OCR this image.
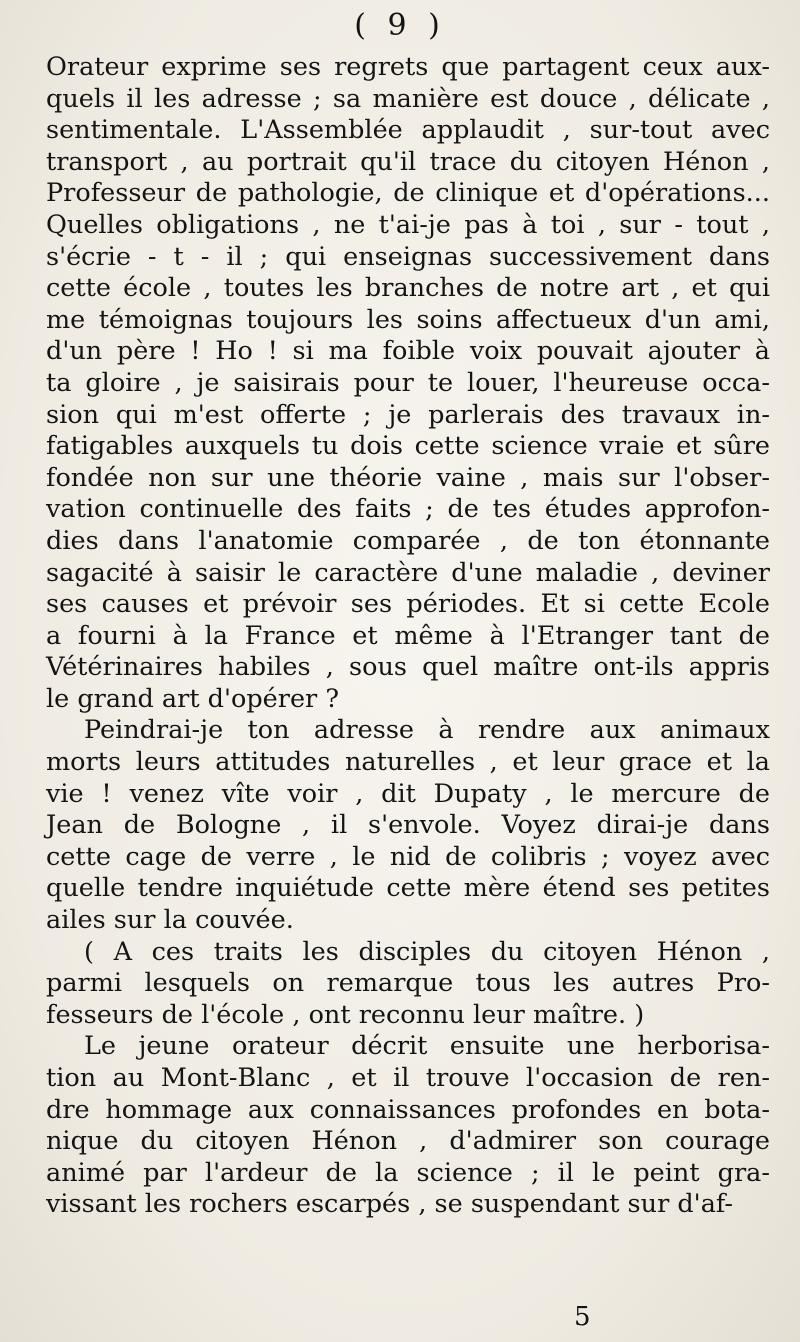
( 9 )
Orateur exprime ses regrets que partagent ceux aux-
quels il les adresse ; sa manière est douce , délicate ,
sentimentale. L'Assemblée applaudit , sur-tout avec
transport , au portrait qu'il trace du citoyen Hénon ,
Professeur de pathologie, de clinique et d'opérations...
Quelles obligations , ne t'ai-je pas à toi , sur - tout ,
s'écrie - t - il ; qui enseignas successivement dans
cette école , toutes les branches de notre art , et qui
me témoignas toujours les soins affectueux d'un ami,
d'un père ! Ho ! si ma foible voix pouvait ajouter à
ta gloire , je saisirais pour te louer, l'heureuse occa-
sion qui m'est offerte ; je parlerais des travaux in-
fatigables auxquels tu dois cette science vraie et sûre
fondée non sur une théorie vaine , mais sur l'obser-
vation continuelle des faits ; de tes études approfon-
dies dans l'anatomie comparée , de ton étonnante
sagacité à saisir le caractère d'une maladie , deviner
ses causes et prévoir ses périodes. Et si cette Ecole
a fourni à la France et même à l'Etranger tant de
Vétérinaires habiles , sous quel maître ont-ils appris
le grand art d'opérer ?
Peindrai-je ton adresse à rendre aux animaux
morts leurs attitudes naturelles , et leur grace et la
vie ! venez vîte voir , dit Dupaty , le mercure de
Jean de Bologne , il s'envole. Voyez dirai-je dans
cette cage de verre , le nid de colibris ; voyez avec
quelle tendre inquiétude cette mère étend ses petites
ailes sur la couvée.
( A ces traits les disciples du citoyen Hénon ,
parmi lesquels on remarque tous les autres Pro-
fesseurs de l'école , ont reconnu leur maître. )
Le jeune orateur décrit ensuite une herborisa-
tion au Mont-Blanc , et il trouve l'occasion de ren-
dre hommage aux connaissances profondes en bota-
nique du citoyen Hénon , d'admirer son courage
animé par l'ardeur de la science ; il le peint gra-
vissant les rochers escarpés , se suspendant sur d'af-
5
